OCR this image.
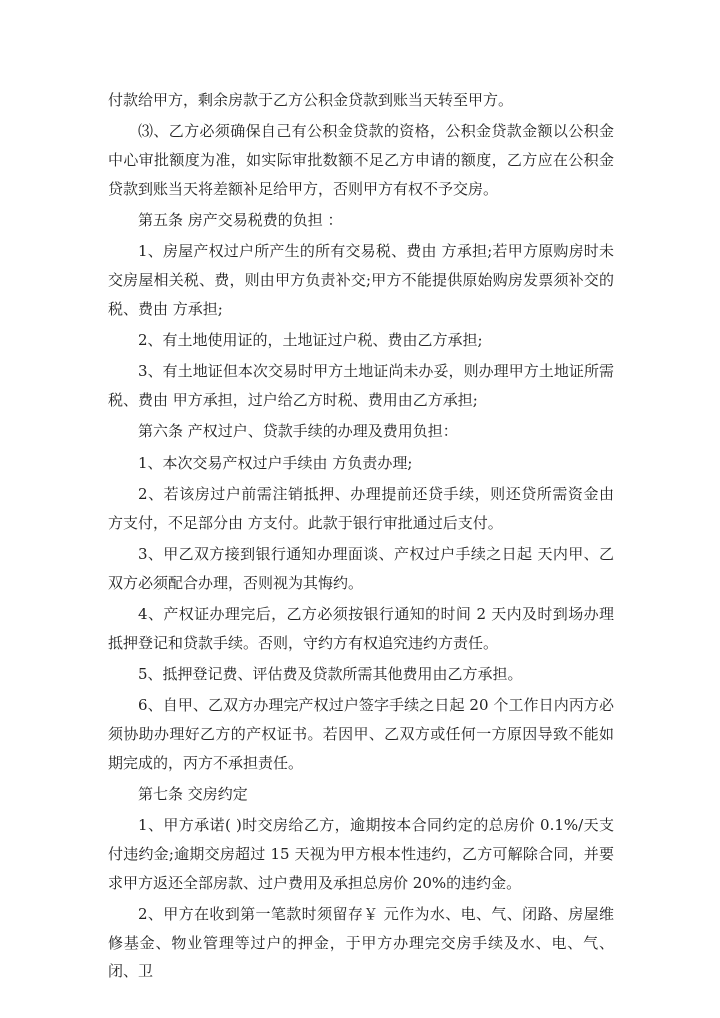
付款给甲方，剩余房款于乙方公积金贷款到账当天转至甲方。

⑶、乙方必须确保自己有公积金贷款的资格，公积金贷款金额以公积金中心审批额度为准，如实际审批数额不足乙方申请的额度，乙方应在公积金贷款到账当天将差额补足给甲方，否则甲方有权不予交房。

第五条 房产交易税费的负担 ：

1、房屋产权过户所产生的所有交易税、费由 方承担;若甲方原购房时未交房屋相关税、费，则由甲方负责补交;甲方不能提供原始购房发票须补交的税、费由 方承担;

2、有土地使用证的，土地证过户税、费由乙方承担;

3、有土地证但本次交易时甲方土地证尚未办妥，则办理甲方土地证所需税、费由 甲方承担，过户给乙方时税、费用由乙方承担;

第六条 产权过户、贷款手续的办理及费用负担：

1、本次交易产权过户手续由 方负责办理;

2、若该房过户前需注销抵押、办理提前还贷手续，则还贷所需资金由 方支付，不足部分由 方支付。此款于银行审批通过后支付。

3、甲乙双方接到银行通知办理面谈、产权过户手续之日起 天内甲、乙双方必须配合办理，否则视为其悔约。

4、产权证办理完后，乙方必须按银行通知的时间 2 天内及时到场办理抵押登记和贷款手续。否则，守约方有权追究违约方责任。

5、抵押登记费、评估费及贷款所需其他费用由乙方承担。

6、自甲、乙双方办理完产权过户签字手续之日起 20 个工作日内丙方必须协助办理好乙方的产权证书。若因甲、乙双方或任何一方原因导致不能如期完成的，丙方不承担责任。

第七条 交房约定

1、甲方承诺( )时交房给乙方，逾期按本合同约定的总房价 0.1%/天支付违约金;逾期交房超过 15 天视为甲方根本性违约，乙方可解除合同，并要求甲方返还全部房款、过户费用及承担总房价 20%的违约金。

2、甲方在收到第一笔款时须留存￥ 元作为水、电、气、闭路、房屋维修基金、物业管理等过户的押金，于甲方办理完交房手续及水、电、气、闭、卫
